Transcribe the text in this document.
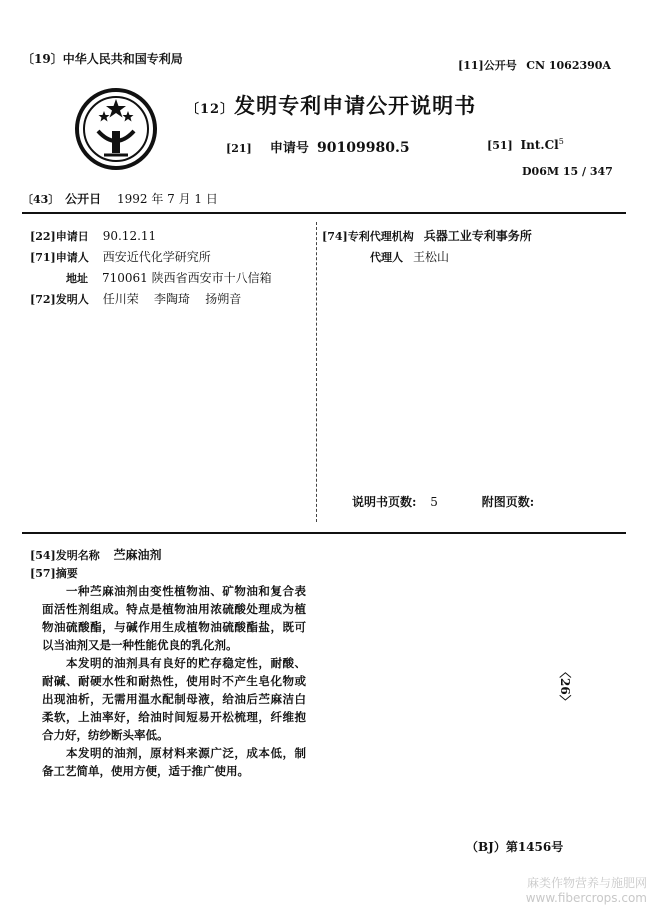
〔19〕中华人民共和国专利局	[11]公开号 CN 1062390A
〔12〕发明专利申请公开说明书
[21] 申请号 90109980.5	[51] Int.Cl$^5$
D06M 15 / 347
〔43〕 公开日 1992 年 7 月 1 日
[22]申请日 90.12.11
[71]申请人 西安近代化学研究所
地址 710061 陕西省西安市十八信箱
[72]发明人 任川荣    李陶琦    扬朔音
[74]专利代理机构 兵器工业专利事务所
代理人 王松山
说明书页数: 5	附图页数:
[54]发明名称 苎麻油剂
[57]摘要

一种苎麻油剂由变性植物油、矿物油和复合表面活性剂组成。特点是植物油用浓硫酸处理成为植物油硫酸酯，与碱作用生成植物油硫酸酯盐，既可以当油剂又是一种性能优良的乳化剂。

本发明的油剂具有良好的贮存稳定性，耐酸、耐碱、耐硬水性和耐热性，使用时不产生皂化物或出现油析，无需用温水配制母液，给油后苎麻洁白柔软，上油率好，给油时间短易开松梳理，纤维抱合力好，纺纱断头率低。

本发明的油剂，原材料来源广泛，成本低，制备工艺简单，使用方便，适于推广使用。

〈26〉
（BJ）第1456号
麻类作物营养与施肥网
www.fibercrops.com
